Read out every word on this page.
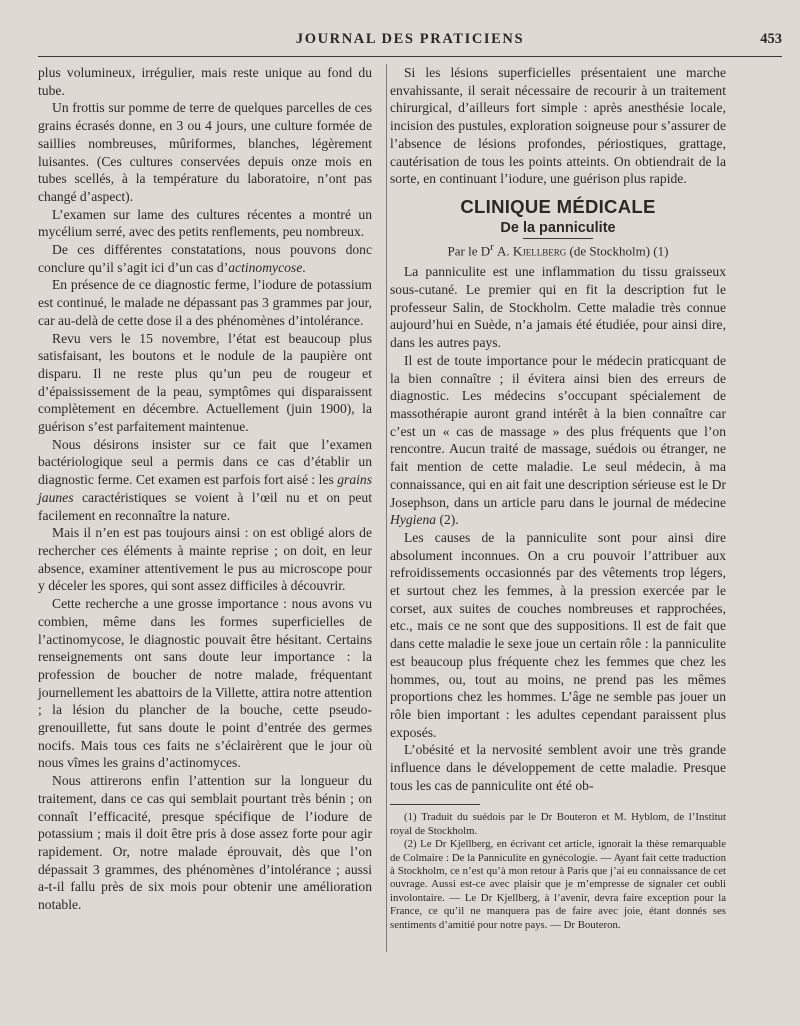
JOURNAL DES PRATICIENS	453

plus volumineux, irrégulier, mais reste unique au fond du tube.

Un frottis sur pomme de terre de quelques parcelles de ces grains écrasés donne, en 3 ou 4 jours, une culture formée de saillies nombreuses, mûriformes, blanches, légèrement luisantes. (Ces cultures conservées depuis onze mois en tubes scellés, à la température du laboratoire, n’ont pas changé d’aspect).

L’examen sur lame des cultures récentes a montré un mycélium serré, avec des petits renflements, peu nombreux.

De ces différentes constatations, nous pouvons donc conclure qu’il s’agit ici d’un cas d’actinomycose.

En présence de ce diagnostic ferme, l’iodure de potassium est continué, le malade ne dépassant pas 3 grammes par jour, car au-delà de cette dose il a des phénomènes d’intolérance.

Revu vers le 15 novembre, l’état est beaucoup plus satisfaisant, les boutons et le nodule de la paupière ont disparu. Il ne reste plus qu’un peu de rougeur et d’épaississement de la peau, symptômes qui disparaissent complètement en décembre. Actuellement (juin 1900), la guérison s’est parfaitement maintenue.

Nous désirons insister sur ce fait que l’examen bactériologique seul a permis dans ce cas d’établir un diagnostic ferme. Cet examen est parfois fort aisé : les grains jaunes caractéristiques se voient à l’œil nu et on peut facilement en reconnaître la nature.

Mais il n’en est pas toujours ainsi : on est obligé alors de rechercher ces éléments à mainte reprise ; on doit, en leur absence, examiner attentivement le pus au microscope pour y déceler les spores, qui sont assez difficiles à découvrir.

Cette recherche a une grosse importance : nous avons vu combien, même dans les formes superficielles de l’actinomycose, le diagnostic pouvait être hésitant. Certains renseignements ont sans doute leur importance : la profession de boucher de notre malade, fréquentant journellement les abattoirs de la Villette, attira notre attention ; la lésion du plancher de la bouche, cette pseudo-grenouillette, fut sans doute le point d’entrée des germes nocifs. Mais tous ces faits ne s’éclairèrent que le jour où nous vîmes les grains d’actinomyces.

Nous attirerons enfin l’attention sur la longueur du traitement, dans ce cas qui semblait pourtant très bénin ; on connaît l’efficacité, presque spécifique de l’iodure de potassium ; mais il doit être pris à dose assez forte pour agir rapidement. Or, notre malade éprouvait, dès que l’on dépassait 3 grammes, des phénomènes d’intolérance ; aussi a-t-il fallu près de six mois pour obtenir une amélioration notable.

Si les lésions superficielles présentaient une marche envahissante, il serait nécessaire de recourir à un traitement chirurgical, d’ailleurs fort simple : après anesthésie locale, incision des pustules, exploration soigneuse pour s’assurer de l’absence de lésions profondes, périostiques, grattage, cautérisation de tous les points atteints. On obtiendrait de la sorte, en continuant l’iodure, une guérison plus rapide.

CLINIQUE MÉDICALE
De la panniculite
Par le $D^r$ A. Kjellberg (de Stockholm) (1)

La panniculite est une inflammation du tissu graisseux sous-cutané. Le premier qui en fit la description fut le professeur Salin, de Stockholm. Cette maladie très connue aujourd’hui en Suède, n’a jamais été étudiée, pour ainsi dire, dans les autres pays.

Il est de toute importance pour le médecin praticquant de la bien connaître ; il évitera ainsi bien des erreurs de diagnostic. Les médecins s’occupant spécialement de massothérapie auront grand intérêt à la bien connaître car c’est un « cas de massage » des plus fréquents que l’on rencontre. Aucun traité de massage, suédois ou étranger, ne fait mention de cette maladie. Le seul médecin, à ma connaissance, qui en ait fait une description sérieuse est le Dr Josephson, dans un article paru dans le journal de médecine Hygiena (2).

Les causes de la panniculite sont pour ainsi dire absolument inconnues. On a cru pouvoir l’attribuer aux refroidissements occasionnés par des vêtements trop légers, et surtout chez les femmes, à la pression exercée par le corset, aux suites de couches nombreuses et rapprochées, etc., mais ce ne sont que des suppositions. Il est de fait que dans cette maladie le sexe joue un certain rôle : la panniculite est beaucoup plus fréquente chez les femmes que chez les hommes, ou, tout au moins, ne prend pas les mêmes proportions chez les hommes. L’âge ne semble pas jouer un rôle bien important : les adultes cependant paraissent plus exposés.

L’obésité et la nervosité semblent avoir une très grande influence dans le développement de cette maladie. Presque tous les cas de panniculite ont été ob-

(1) Traduit du suédois par le Dr Bouteron et M. Hyblom, de l’Institut royal de Stockholm.

(2) Le Dr Kjellberg, en écrivant cet article, ignorait la thèse remarquable de Colmaire : De la Panniculite en gynécologie. — Ayant fait cette traduction à Stockholm, ce n’est qu’à mon retour à Paris que j’ai eu connaissance de cet ouvrage. Aussi est-ce avec plaisir que je m’empresse de signaler cet oubli involontaire. — Le Dr Kjellberg, à l’avenir, devra faire exception pour la France, ce qu’il ne manquera pas de faire avec joie, étant donnés ses sentiments d’amitié pour notre pays. — Dr Bouteron.
